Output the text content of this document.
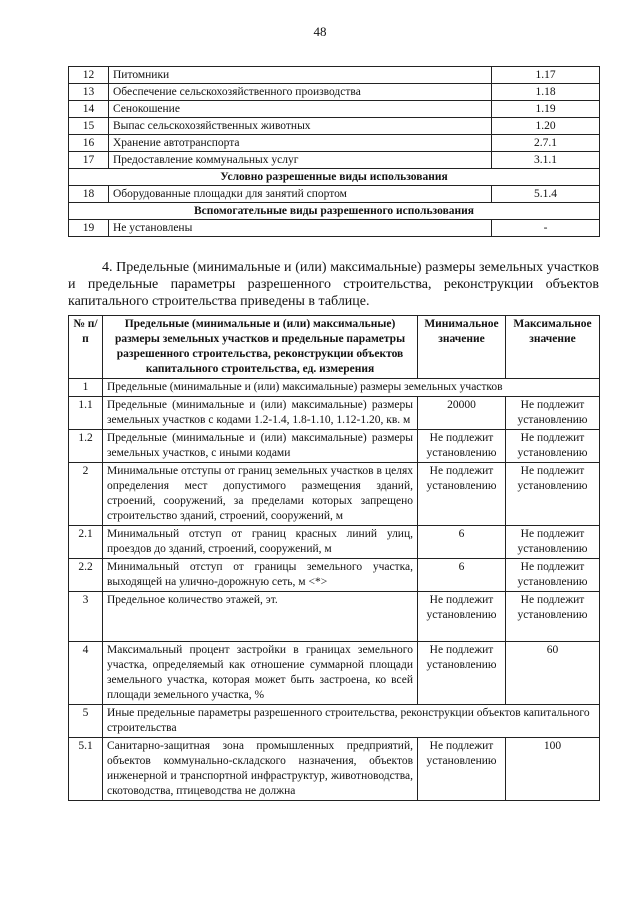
48
12	Питомники	1.17
13	Обеспечение сельскохозяйственного производства	1.18
14	Сенокошение	1.19
15	Выпас сельскохозяйственных животных	1.20
16	Хранение автотранспорта	2.7.1
17	Предоставление коммунальных услуг	3.1.1
Условно разрешенные виды использования		
18	Оборудованные площадки для занятий спортом	5.1.4
Вспомогательные виды разрешенного использования		
19	Не установлены	-

4. Предельные (минимальные и (или) максимальные) размеры земельных участков и предельные параметры разрешенного строительства, реконструкции объектов капитального строительства приведены в таблице.

№ п/п	Предельные (минимальные и (или) максимальные) размеры земельных участков и предельные параметры разрешенного строительства, реконструкции объектов капитального строительства, ед. измерения	Минимальное значение	Максимальное значение
1	Предельные (минимальные и (или) максимальные) размеры земельных участков		
1.1	Предельные (минимальные и (или) максимальные) размеры земельных участков с кодами 1.2-1.4, 1.8-1.10, 1.12-1.20, кв. м	20000	Не подлежит установлению
1.2	Предельные (минимальные и (или) максимальные) размеры земельных участков, с иными кодами	Не подлежит установлению	Не подлежит установлению
2	Минимальные отступы от границ земельных участков в целях определения мест допустимого размещения зданий, строений, сооружений, за пределами которых запрещено строительство зданий, строений, сооружений, м	Не подлежит установлению	Не подлежит установлению
2.1	Минимальный отступ от границ красных линий улиц, проездов до зданий, строений, сооружений, м	6	Не подлежит установлению
2.2	Минимальный отступ от границы земельного участка, выходящей на улично-дорожную сеть, м <*>	6	Не подлежит установлению
3	Предельное количество этажей, эт.	Не подлежит установлению	Не подлежит установлению
4	Максимальный процент застройки в границах земельного участка, определяемый как отношение суммарной площади земельного участка, которая может быть застроена, ко всей площади земельного участка, %	Не подлежит установлению	60
5	Иные предельные параметры разрешенного строительства, реконструкции объектов капитального строительства		
5.1	Санитарно-защитная зона промышленных предприятий, объектов коммунально-складского назначения, объектов инженерной и транспортной инфраструктур, животноводства, скотоводства, птицеводства не должна	Не подлежит установлению	100
